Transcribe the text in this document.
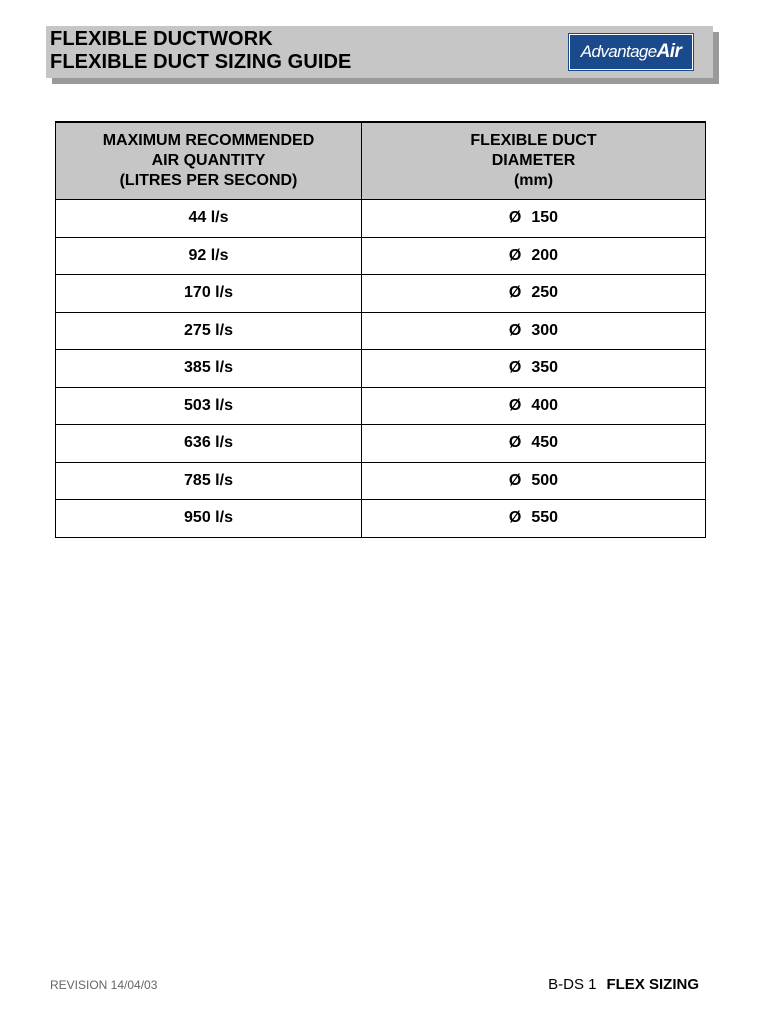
FLEXIBLE DUCTWORK
FLEXIBLE DUCT SIZING GUIDE	Advantage Air
MAXIMUM RECOMMENDED
AIR QUANTITY
(LITRES PER SECOND)	FLEXIBLE DUCT
DIAMETER
(mm)

44 l/s	Ø 150
92 l/s	Ø 200
170 l/s	Ø 250
275 l/s	Ø 300
385 l/s	Ø 350
503 l/s	Ø 400
636 l/s	Ø 450
785 l/s	Ø 500
950 l/s	Ø 550
REVISION 14/04/03	B-DS 1 FLEX SIZING
